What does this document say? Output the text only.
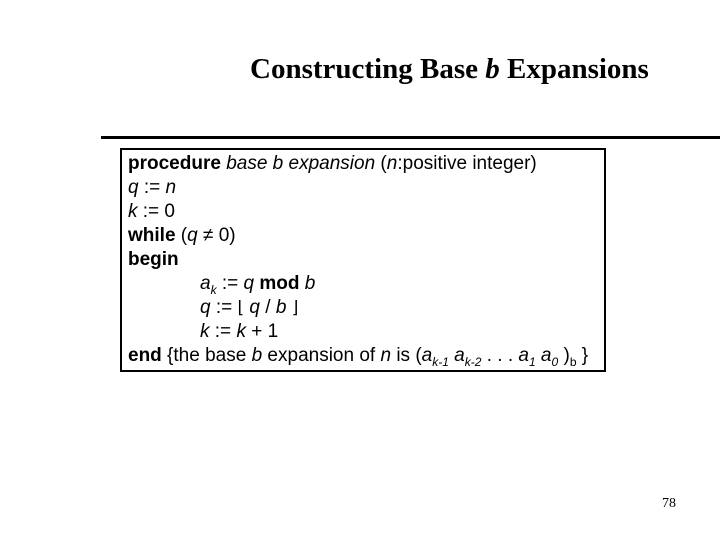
Constructing Base b Expansions
procedure base b expansion (n:positive integer)
q := n
k := 0
while (q ≠ 0)
begin
$a_k$ := q mod b
q := ⌊ q / b ⌋
k := k + 1
end {the base b expansion of n is ($a_{k-1}$ $a_{k-2}$ . . . $a_1$ $a_0$ )$_b$ }
78
